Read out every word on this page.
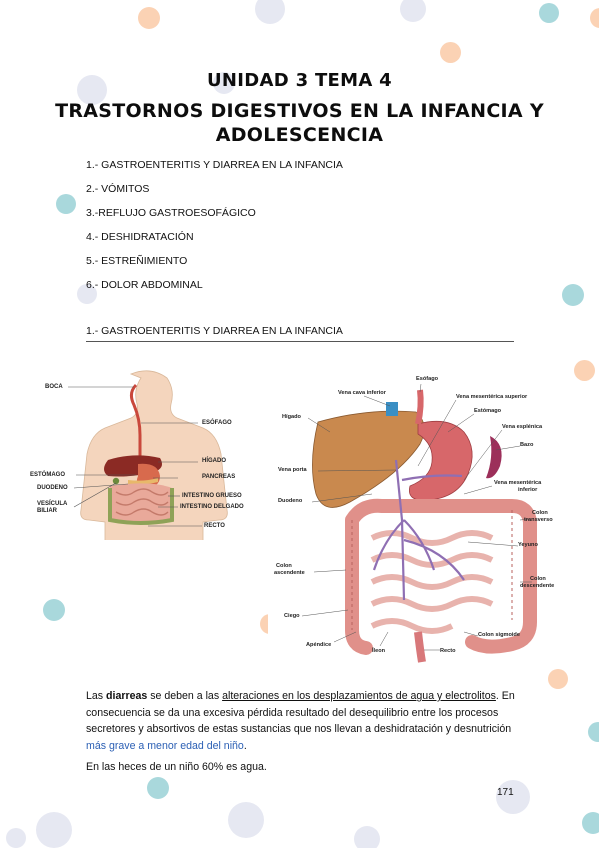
UNIDAD 3 TEMA 4
TRASTORNOS DIGESTIVOS EN LA INFANCIA Y
ADOLESCENCIA
1.- GASTROENTERITIS Y DIARREA EN LA INFANCIA
2.- VÓMITOS
3.-REFLUJO GASTROESOFÁGICO
4.- DESHIDRATACIÓN
5.- ESTREÑIMIENTO
6.- DOLOR ABDOMINAL
1.- GASTROENTERITIS Y DIARREA EN LA INFANCIA
BOCA
ESÓFAGO
HÍGADO
PANCREAS
ESTÓMAGO
DUODENO
INTESTINO GRUESO
VESÍCULA
BILIAR
INTESTINO DELGADO
RECTO
Esófago
Vena cava inferior
Vena mesentérica superior
Estómago
Hígado
Vena esplénica
Bazo
Vena porta
Vena mesentérica
inferior
Duodeno
Colon
transverso
Yeyuno
Colon
ascendente
Colon
descendente
Ciego
Colon sigmoide
Apéndice
Íleon	Recto
Las diarreas se deben a las alteraciones en los desplazamientos de agua y electrolitos. En consecuencia se da una excesiva pérdida resultado del desequilibrio entre los procesos secretores y absortivos de estas sustancias que nos llevan a deshidratación y desnutrición más grave a menor edad del niño.
En las heces de un niño 60% es agua.
171
